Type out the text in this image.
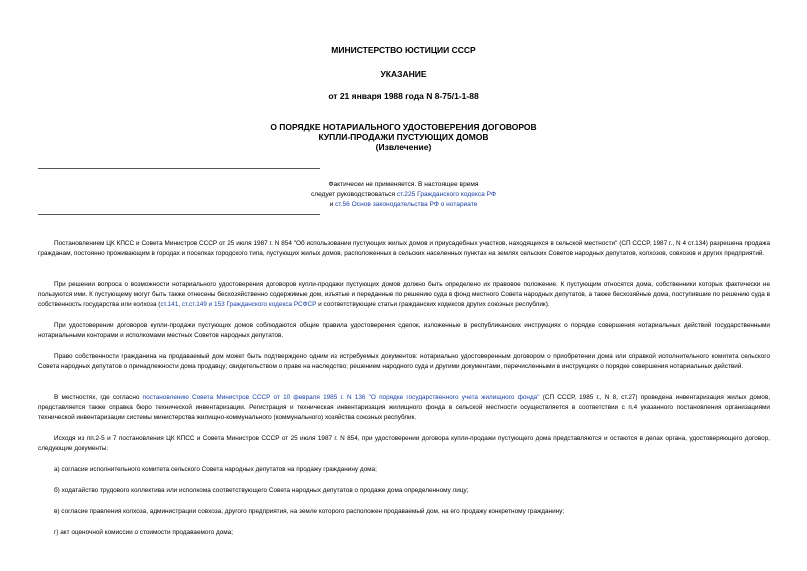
МИНИСТЕРСТВО ЮСТИЦИИ СССР
УКАЗАНИЕ
от 21 января 1988 года N 8-75/1-1-88
О ПОРЯДКЕ НОТАРИАЛЬНОГО УДОСТОВЕРЕНИЯ ДОГОВОРОВ
КУПЛИ-ПРОДАЖИ ПУСТУЮЩИХ ДОМОВ
(Извлечение)
Фактически не применяется. В настоящее время
следует руководствоваться ст.225 Гражданского кодекса РФ
и ст.56 Основ законодательства РФ о нотариате
Постановлением ЦК КПСС и Совета Министров СССР от 25 июля 1987 г. N 854 "Об использовании пустующих жилых домов и приусадебных участков, находящихся в сельской местности" (СП СССР, 1987 г., N 4 ст.134) разрешена продажа гражданам, постоянно проживающим в городах и поселках городского типа, пустующих жилых домов, расположенных в сельских населенных пунктах на землях сельских Советов народных депутатов, колхозов, совхозов и других предприятий.
При решении вопроса о возможности нотариального удостоверения договоров купли-продажи пустующих домов должно быть определено их правовое положение. К пустующим относятся дома, собственники которых фактически не пользуются ими. К пустующему могут быть также отнесены бесхозяйственно содержимые дом, изъятые и переданные по решению суда в фонд местного Совета народных депутатов, а также бесхозяйные дома, поступившие по решению суда в собственность государства или колхоза (ст.141, ст.ст.149 и 153 Гражданского кодекса РСФСР и соответствующие статьи гражданских кодексов других союзных республик).
При удостоверении договоров купли-продажи пустующих домов соблюдаются общие правила удостоверения сделок, изложенные в республиканских инструкциях о порядке совершения нотариальных действий государственными нотариальными конторами и исполкомами местных Советов народных депутатов.
Право собственности гражданина на продаваемый дом может быть подтверждено одним из истребуемых документов: нотариально удостоверенным договором о приобретении дома или справкой исполнительного комитета сельского Совета народных депутатов о принадлежности дома продавцу; свидетельством о праве на наследство; решением народного суда и другими документами, перечисленными в инструкциях о порядке совершения нотариальных действий.
В местностях, где согласно постановлению Совета Министров СССР от 10 февраля 1985 г. N 136 "О порядке государственного учета жилищного фонда" (СП СССР, 1985 г., N 8, ст.27) проведена инвентаризация жилых домов, представляется также справка бюро технической инвентаризации. Регистрация и техническая инвентаризация жилищного фонда в сельской местности осуществляется в соответствии с п.4 указанного постановления организациями технической инвентаризации системы министерства жилищно-коммунального (коммунального) хозяйства союзных республик.
Исходя из пп.2-5 и 7 постановления ЦК КПСС и Совета Министров СССР от 25 июля 1987 г. N 854, при удостоверении договора купли-продажи пустующего дома представляются и остаются в делах органа, удостоверяющего договор, следующие документы:
а) согласие исполнительного комитета сельского Совета народных депутатов на продажу гражданину дома;
б) ходатайство трудового коллектива или исполкома соответствующего Совета народных депутатов о продаже дома определенному лицу;
в) согласие правления колхоза, администрации совхоза, другого предприятия, на земле которого расположен продаваемый дом, на его продажу конкретному гражданину;
г) акт оценочной комиссии о стоимости продаваемого дома;
